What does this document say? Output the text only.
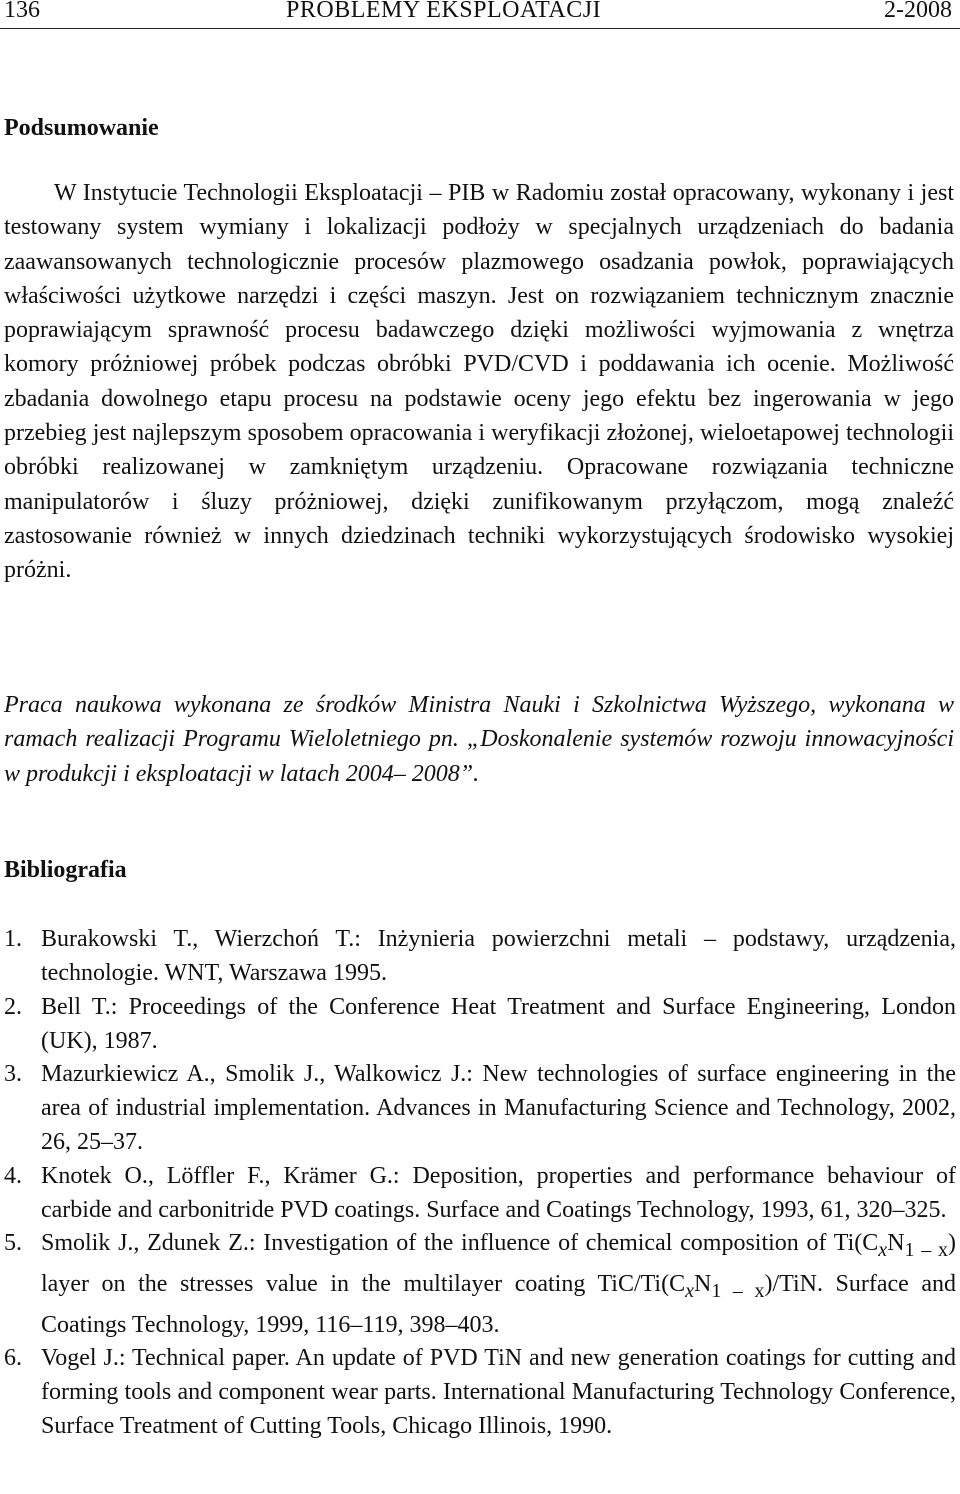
136	PROBLEMY EKSPLOATACJI	2-2008
Podsumowanie

W Instytucie Technologii Eksploatacji – PIB w Radomiu został opracowany, wykonany i jest testowany system wymiany i lokalizacji podłoży w specjalnych urządzeniach do badania zaawansowanych technologicznie procesów plazmowego osadzania powłok, poprawiających właściwości użytkowe narzędzi i części maszyn. Jest on rozwiązaniem technicznym znacznie poprawiającym sprawność procesu badawczego dzięki możliwości wyjmowania z wnętrza komory próżniowej próbek podczas obróbki PVD/CVD i poddawania ich ocenie. Możliwość zbadania dowolnego etapu procesu na podstawie oceny jego efektu bez ingerowania w jego przebieg jest najlepszym sposobem opracowania i weryfikacji złożonej, wieloetapowej technologii obróbki realizowanej w zamkniętym urządzeniu. Opracowane rozwiązania techniczne manipulatorów i śluzy próżniowej, dzięki zunifikowanym przyłączom, mogą znaleźć zastosowanie również w innych dziedzinach techniki wykorzystujących środowisko wysokiej próżni.

Praca naukowa wykonana ze środków Ministra Nauki i Szkolnictwa Wyższego, wykonana w ramach realizacji Programu Wieloletniego pn. „Doskonalenie systemów rozwoju innowacyjności w produkcji i eksploatacji w latach 2004– 2008”.

Bibliografia
1. Burakowski T., Wierzchoń T.: Inżynieria powierzchni metali – podstawy, urządzenia, technologie. WNT, Warszawa 1995.
2. Bell T.: Proceedings of the Conference Heat Treatment and Surface Engineering, London (UK), 1987.
3. Mazurkiewicz A., Smolik J., Walkowicz J.: New technologies of surface engineering in the area of industrial implementation. Advances in Manufacturing Science and Technology, 2002, 26, 25–37.
4. Knotek O., Löffler F., Krämer G.: Deposition, properties and performance behaviour of carbide and carbonitride PVD coatings. Surface and Coatings Technology, 1993, 61, 320–325.
5. Smolik J., Zdunek Z.: Investigation of the influence of chemical composition of $Ti(C_xN_{1 - x})$ layer on the stresses value in the multilayer coating TiC/$Ti(C_xN_{1 - x})$/TiN. Surface and Coatings Technology, 1999, 116–119, 398–403.
6. Vogel J.: Technical paper. An update of PVD TiN and new generation coatings for cutting and forming tools and component wear parts. International Manufacturing Technology Conference, Surface Treatment of Cutting Tools, Chicago Illinois, 1990.
